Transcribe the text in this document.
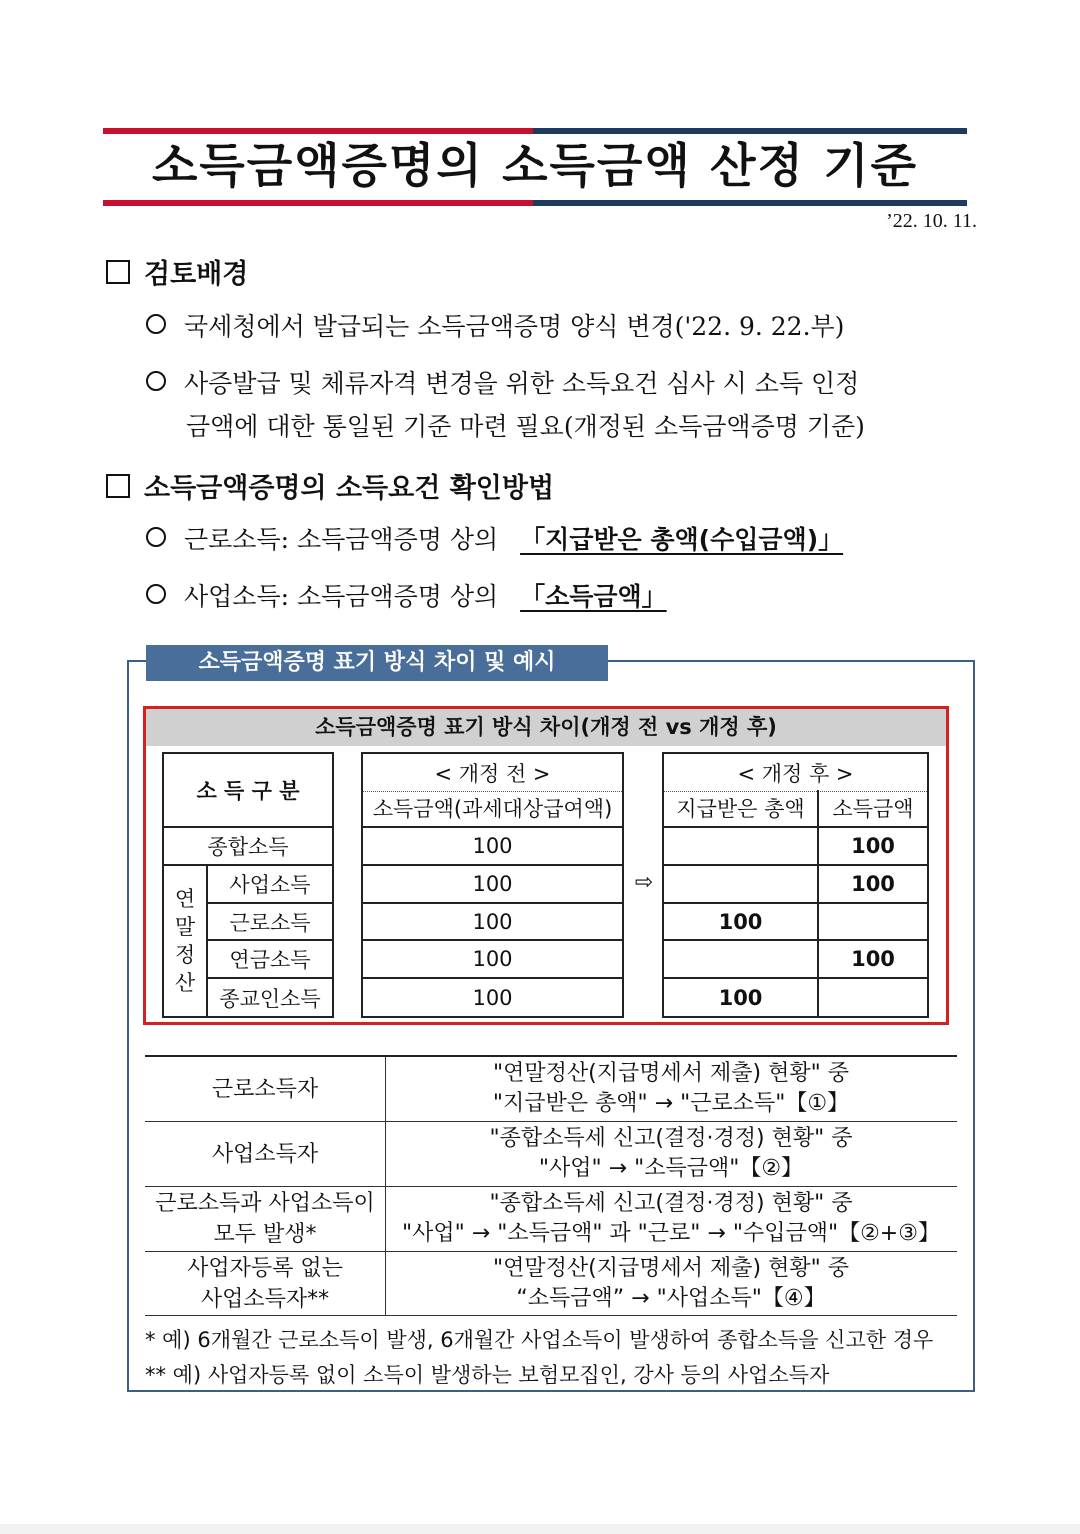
소득금액증명의 소득금액 산정 기준
’22. 10. 11.
검토배경
국세청에서 발급되는 소득금액증명 양식 변경('22. 9. 22.부)
사증발급 및 체류자격 변경을 위한 소득요건 심사 시 소득 인정
금액에 대한 통일된 기준 마련 필요(개정된 소득금액증명 기준)
소득금액증명의 소득요건 확인방법
근로소득: 소득금액증명 상의 「지급받은 총액(수입금액)」
사업소득: 소득금액증명 상의 「소득금액」
소득금액증명 표기 방식 차이 및 예시
소득금액증명 표기 방식 차이(개정 전 vs 개정 후)
소 득 구 분
종합소득
연
말
정
산
사업소득
근로소득
연금소득
종교인소득
< 개정 전 >
소득금액(과세대상급여액)
100
100
100
100
100
⇨
< 개정 후 >
지급받은 총액	소득금액
100
100
100
100
100
근로소득자
"연말정산(지급명세서 제출) 현황" 중
"지급받은 총액" → "근로소득"【①】
사업소득자
"종합소득세 신고(결정·경정) 현황" 중
"사업" → "소득금액"【②】
근로소득과 사업소득이
모두 발생*
"종합소득세 신고(결정·경정) 현황" 중
"사업" → "소득금액" 과 "근로" → "수입금액"【②+③】
사업자등록 없는
사업소득자**
"연말정산(지급명세서 제출) 현황" 중
“소득금액” → "사업소득"【④】
* 예) 6개월간 근로소득이 발생, 6개월간 사업소득이 발생하여 종합소득을 신고한 경우
** 예) 사업자등록 없이 소득이 발생하는 보험모집인, 강사 등의 사업소득자
